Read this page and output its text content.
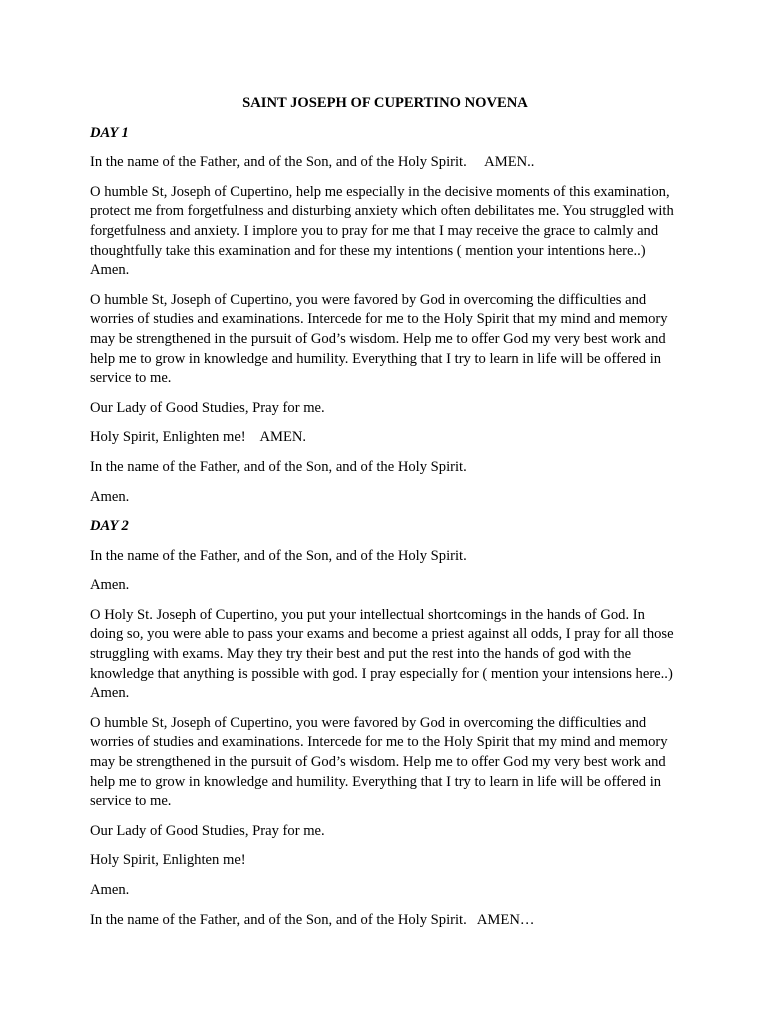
SAINT JOSEPH OF CUPERTINO NOVENA
DAY 1

In the name of the Father, and of the Son, and of the Holy Spirit.     AMEN..

O humble St, Joseph of Cupertino, help me especially in the decisive moments of this examination, protect me from forgetfulness and disturbing anxiety which often debilitates me. You struggled with forgetfulness and anxiety. I implore you to pray for me that I may receive the grace to calmly and thoughtfully take this examination and for these my intentions ( mention your intentions here..) Amen.

O humble St, Joseph of Cupertino, you were favored by God in overcoming the difficulties and worries of studies and examinations. Intercede for me to the Holy Spirit that my mind and memory may be strengthened in the pursuit of God’s wisdom. Help me to offer God my very best work and help me to grow in knowledge and humility. Everything that I try to learn in life will be offered in service to me.

Our Lady of Good Studies, Pray for me.

Holy Spirit, Enlighten me!    AMEN.

In the name of the Father, and of the Son, and of the Holy Spirit.

Amen.

DAY 2

In the name of the Father, and of the Son, and of the Holy Spirit.

Amen.

O Holy St. Joseph of Cupertino, you put your intellectual shortcomings in the hands of God. In doing so, you were able to pass your exams and become a priest against all odds, I pray for all those struggling with exams. May they try their best and put the rest into the hands of god with the knowledge that anything is possible with god. I pray especially for ( mention your intensions here..) Amen.

O humble St, Joseph of Cupertino, you were favored by God in overcoming the difficulties and worries of studies and examinations. Intercede for me to the Holy Spirit that my mind and memory may be strengthened in the pursuit of God’s wisdom. Help me to offer God my very best work and help me to grow in knowledge and humility. Everything that I try to learn in life will be offered in service to me.

Our Lady of Good Studies, Pray for me.

Holy Spirit, Enlighten me!

Amen.

In the name of the Father, and of the Son, and of the Holy Spirit.   AMEN…
